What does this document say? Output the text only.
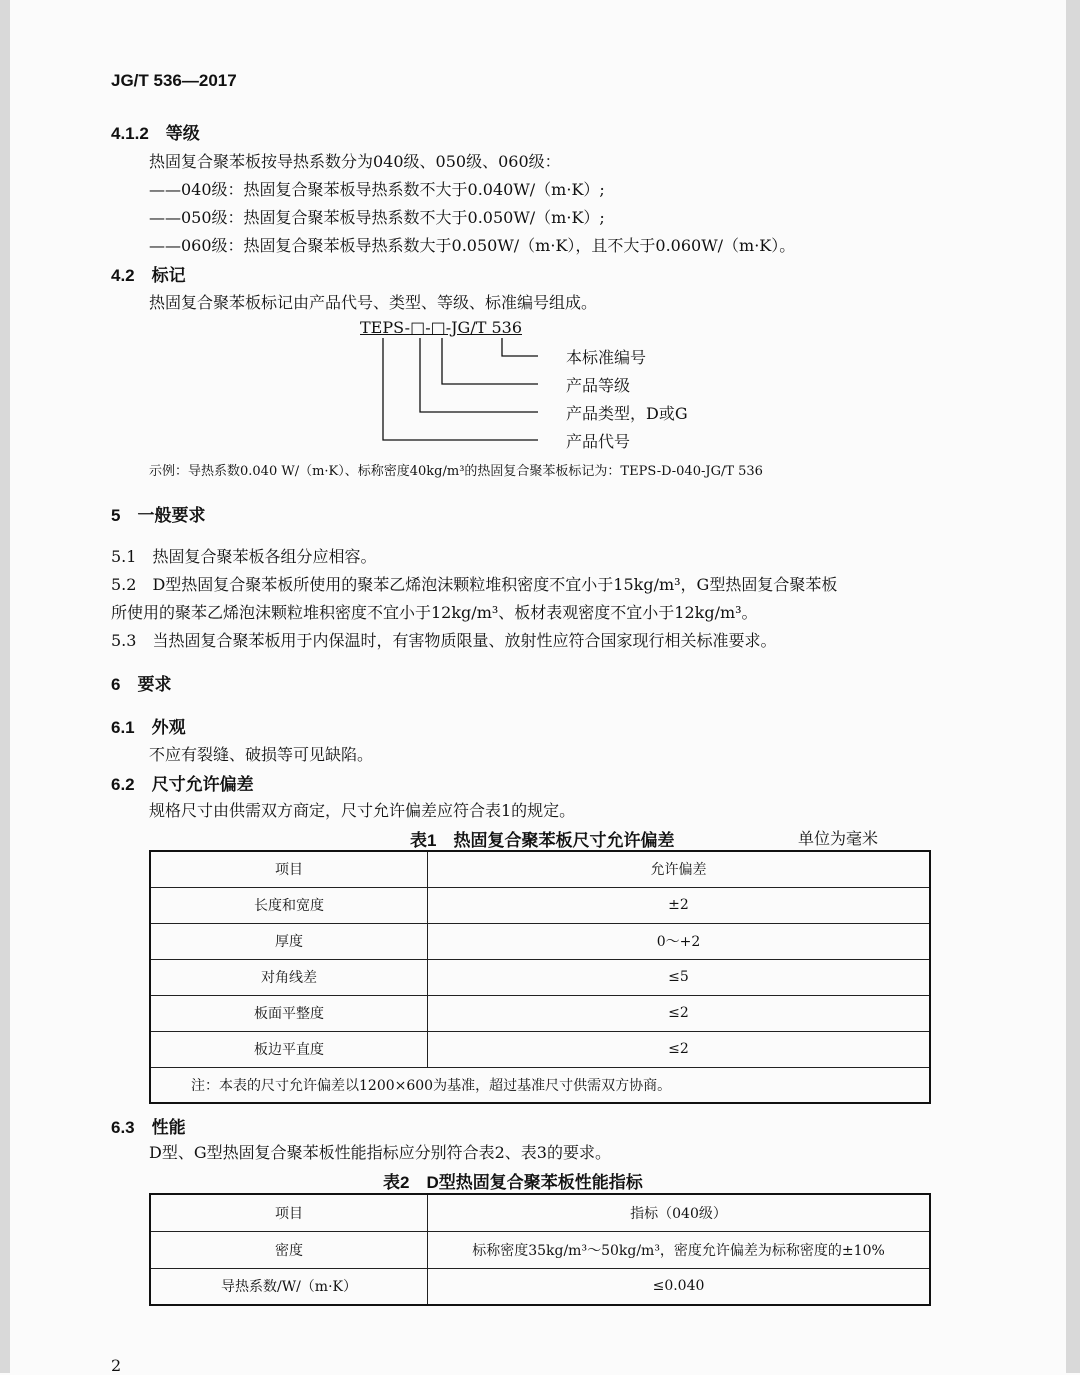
JG/T 536—2017
4.1.2　等级
热固复合聚苯板按导热系数分为040级、050级、060级：
——040级：热固复合聚苯板导热系数不大于0.040W/（m·K）;
——050级：热固复合聚苯板导热系数不大于0.050W/（m·K）;
——060级：热固复合聚苯板导热系数大于0.050W/（m·K），且不大于0.060W/（m·K）。
4.2　标记
热固复合聚苯板标记由产品代号、类型、等级、标准编号组成。
TEPS-□-□-JG/T 536
本标准编号
产品等级
产品类型，D或G
产品代号
示例：导热系数0.040 W/（m·K）、标称密度40kg/m³的热固复合聚苯板标记为：TEPS-D-040-JG/T 536
5　一般要求
5.1　热固复合聚苯板各组分应相容。
5.2　D型热固复合聚苯板所使用的聚苯乙烯泡沫颗粒堆积密度不宜小于15kg/m³，G型热固复合聚苯板
所使用的聚苯乙烯泡沫颗粒堆积密度不宜小于12kg/m³、板材表观密度不宜小于12kg/m³。
5.3　当热固复合聚苯板用于内保温时，有害物质限量、放射性应符合国家现行相关标准要求。
6　要求
6.1　外观
不应有裂缝、破损等可见缺陷。
6.2　尺寸允许偏差
规格尺寸由供需双方商定，尺寸允许偏差应符合表1的规定。
表1　热固复合聚苯板尺寸允许偏差	单位为毫米
项目	允许偏差
长度和宽度	±2
厚度	0～+2
对角线差	≤5
板面平整度	≤2
板边平直度	≤2
注：本表的尺寸允许偏差以1200×600为基准，超过基准尺寸供需双方协商。	
6.3　性能
D型、G型热固复合聚苯板性能指标应分别符合表2、表3的要求。
表2　D型热固复合聚苯板性能指标
项目	指标（040级）
密度	标称密度35kg/m³～50kg/m³，密度允许偏差为标称密度的±10%
导热系数/W/（m·K）	≤0.040
2
